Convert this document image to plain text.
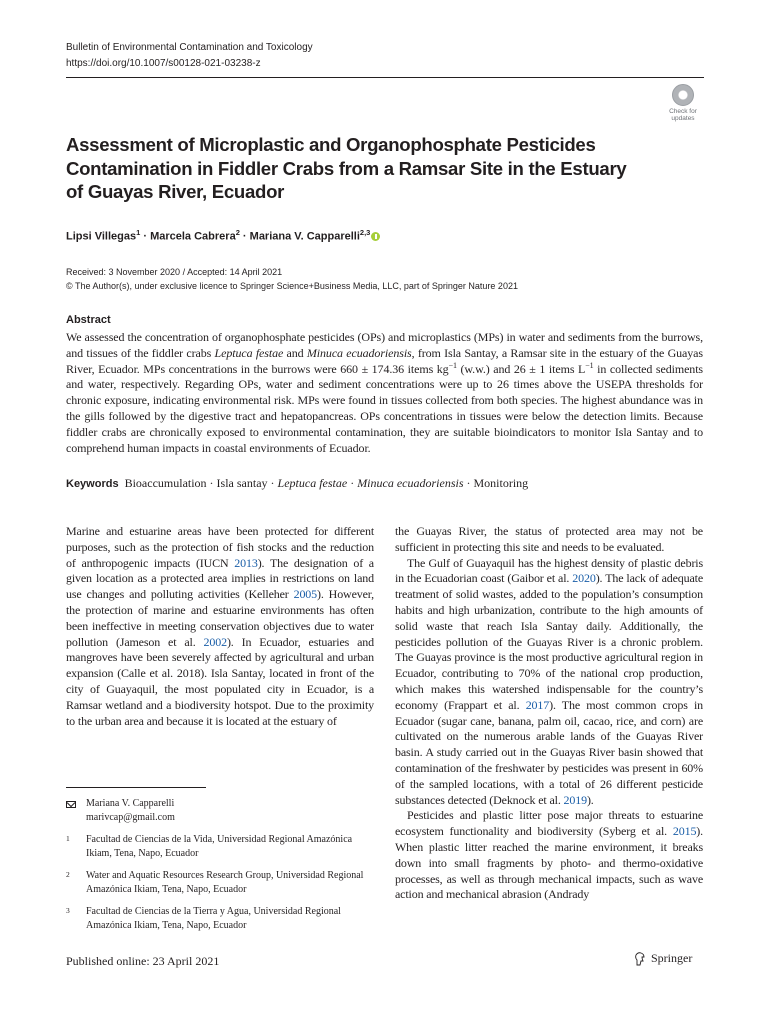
Bulletin of Environmental Contamination and Toxicology
https://doi.org/10.1007/s00128-021-03238-z
Check for
updates
Assessment of Microplastic and Organophosphate Pesticides Contamination in Fiddler Crabs from a Ramsar Site in the Estuary of Guayas River, Ecuador
Lipsi Villegas$^1$ · Marcela Cabrera$^2$ · Mariana V. Capparelli$^{2,3}$
Received: 3 November 2020 / Accepted: 14 April 2021
© The Author(s), under exclusive licence to Springer Science+Business Media, LLC, part of Springer Nature 2021
Abstract
We assessed the concentration of organophosphate pesticides (OPs) and microplastics (MPs) in water and sediments from the burrows, and tissues of the fiddler crabs Leptuca festae and Minuca ecuadoriensis, from Isla Santay, a Ramsar site in the estuary of the Guayas River, Ecuador. MPs concentrations in the burrows were 660 ± 174.36 items $kg^{-1}$ (w.w.) and 26 ± 1 items $L^{-1}$ in collected sediments and water, respectively. Regarding OPs, water and sediment concentrations were up to 26 times above the USEPA thresholds for chronic exposure, indicating environmental risk. MPs were found in tissues collected from both species. The highest abundance was in the gills followed by the digestive tract and hepatopancreas. OPs concentrations in tissues were below the detection limits. Because fiddler crabs are chronically exposed to environmental contamination, they are suitable bioindicators to monitor Isla Santay and to comprehend human impacts in coastal environments of Ecuador.
Keywords Bioaccumulation · Isla santay · Leptuca festae · Minuca ecuadoriensis · Monitoring

Marine and estuarine areas have been protected for different purposes, such as the protection of fish stocks and the reduction of anthropogenic impacts (IUCN 2013). The designation of a given location as a protected area implies in restrictions on land use changes and polluting activities (Kelleher 2005). However, the protection of marine and estuarine environments has often been ineffective in meeting conservation objectives due to water pollution (Jameson et al. 2002). In Ecuador, estuaries and mangroves have been severely affected by agricultural and urban expansion (Calle et al. 2018). Isla Santay, located in front of the city of Guayaquil, the most populated city in Ecuador, is a Ramsar wetland and a biodiversity hotspot. Due to the proximity to the urban area and because it is located at the estuary of

the Guayas River, the status of protected area may not be sufficient in protecting this site and needs to be evaluated.

The Gulf of Guayaquil has the highest density of plastic debris in the Ecuadorian coast (Gaibor et al. 2020). The lack of adequate treatment of solid wastes, added to the population’s consumption habits and high urbanization, contribute to the high amounts of solid waste that reach Isla Santay daily. Additionally, the pesticides pollution of the Guayas River is a chronic problem. The Guayas province is the most productive agricultural region in Ecuador, contributing to 70% of the national crop production, which makes this watershed indispensable for the country’s economy (Frappart et al. 2017). The most common crops in Ecuador (sugar cane, banana, palm oil, cacao, rice, and corn) are cultivated on the numerous arable lands of the Guayas River basin. A study carried out in the Guayas River basin showed that contamination of the freshwater by pesticides was present in 60% of the sampled locations, with a total of 26 different pesticide substances detected (Deknock et al. 2019).

Pesticides and plastic litter pose major threats to estuarine ecosystem functionality and biodiversity (Syberg et al. 2015). When plastic litter reached the marine environment, it breaks down into small fragments by photo- and thermo-oxidative processes, as well as through mechanical impacts, such as wave action and mechanical abrasion (Andrady

Mariana V. Capparelli
marivcap@gmail.com
1	Facultad de Ciencias de la Vida, Universidad Regional Amazónica Ikiam, Tena, Napo, Ecuador
2	Water and Aquatic Resources Research Group, Universidad Regional Amazónica Ikiam, Tena, Napo, Ecuador
3	Facultad de Ciencias de la Tierra y Agua, Universidad Regional Amazónica Ikiam, Tena, Napo, Ecuador
Published online: 23 April 2021	Springer
